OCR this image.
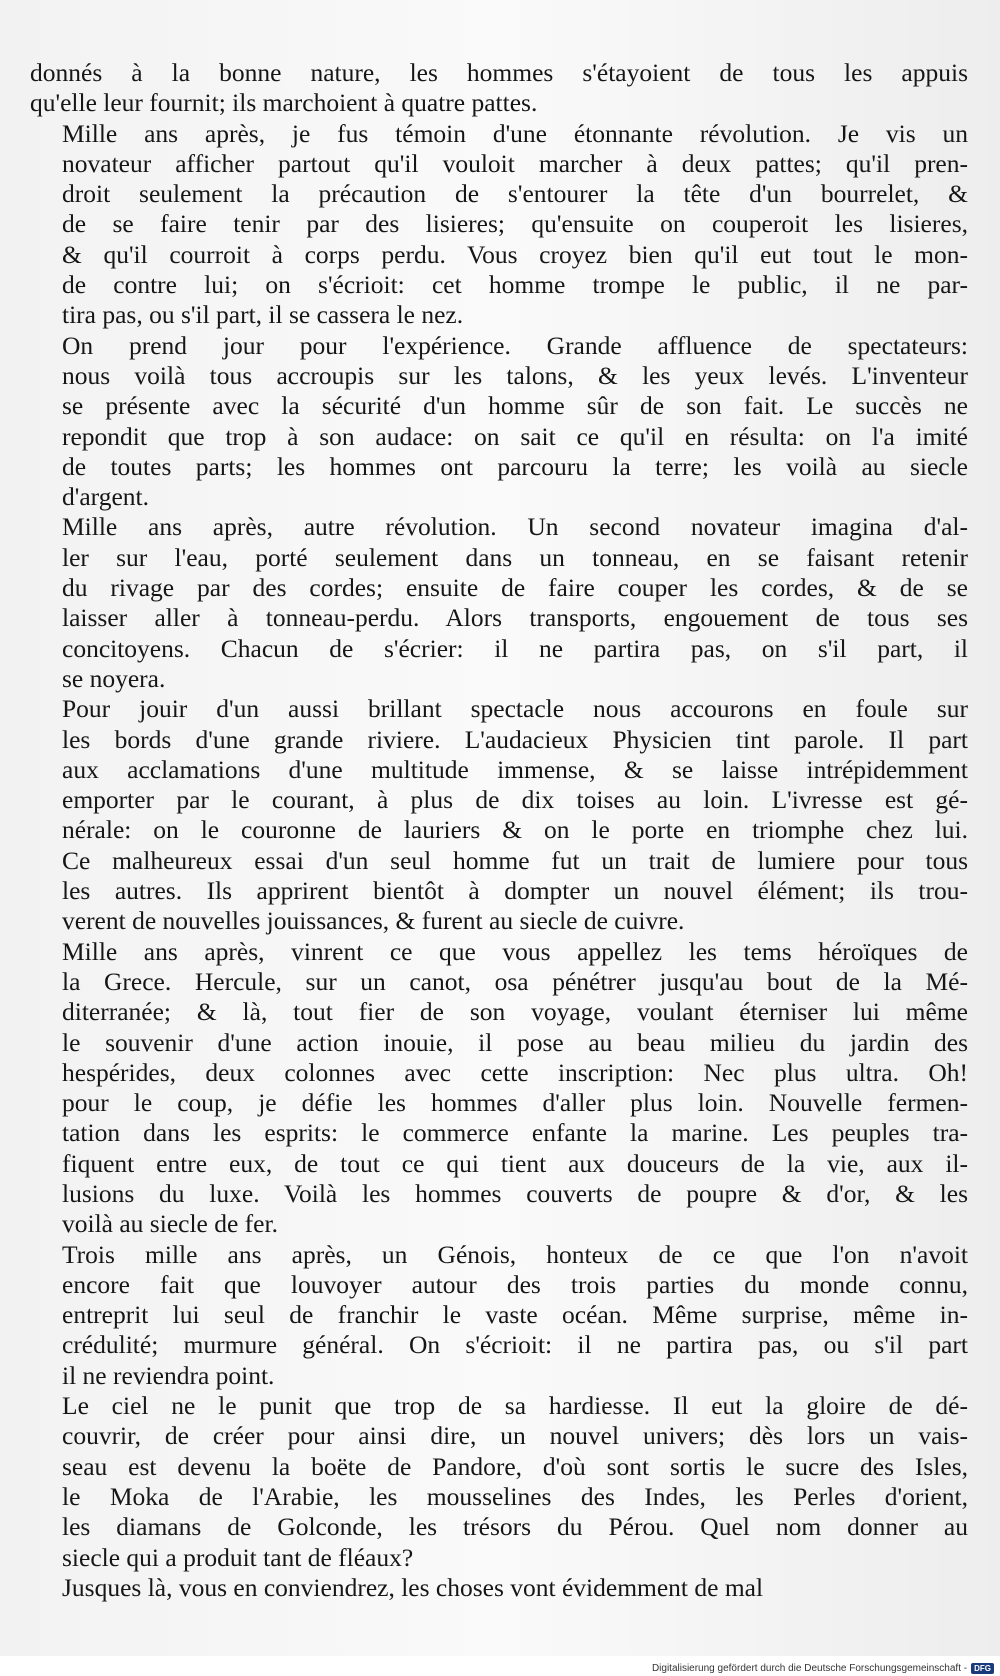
donnés à la bonne nature, les hommes s'étayoient de tous les appuis
qu'elle leur fournit; ils marchoient à quatre pattes.
Mille ans après, je fus témoin d'une étonnante révolution. Je vis un
novateur afficher partout qu'il vouloit marcher à deux pattes; qu'il pren-
droit seulement la précaution de s'entourer la tête d'un bourrelet, &
de se faire tenir par des lisieres; qu'ensuite on couperoit les lisieres,
& qu'il courroit à corps perdu. Vous croyez bien qu'il eut tout le mon-
de contre lui; on s'écrioit: cet homme trompe le public, il ne par-
tira pas, ou s'il part, il se cassera le nez.
On prend jour pour l'expérience. Grande affluence de spectateurs:
nous voilà tous accroupis sur les talons, & les yeux levés. L'inventeur
se présente avec la sécurité d'un homme sûr de son fait. Le succès ne
repondit que trop à son audace: on sait ce qu'il en résulta: on l'a imité
de toutes parts; les hommes ont parcouru la terre; les voilà au siecle
d'argent.
Mille ans après, autre révolution. Un second novateur imagina d'al-
ler sur l'eau, porté seulement dans un tonneau, en se faisant retenir
du rivage par des cordes; ensuite de faire couper les cordes, & de se
laisser aller à tonneau-perdu. Alors transports, engouement de tous ses
concitoyens. Chacun de s'écrier: il ne partira pas, on s'il part, il
se noyera.
Pour jouir d'un aussi brillant spectacle nous accourons en foule sur
les bords d'une grande riviere. L'audacieux Physicien tint parole. Il part
aux acclamations d'une multitude immense, & se laisse intrépidemment
emporter par le courant, à plus de dix toises au loin. L'ivresse est gé-
nérale: on le couronne de lauriers & on le porte en triomphe chez lui.
Ce malheureux essai d'un seul homme fut un trait de lumiere pour tous
les autres. Ils apprirent bientôt à dompter un nouvel élément; ils trou-
verent de nouvelles jouissances, & furent au siecle de cuivre.
Mille ans après, vinrent ce que vous appellez les tems héroïques de
la Grece. Hercule, sur un canot, osa pénétrer jusqu'au bout de la Mé-
diterranée; & là, tout fier de son voyage, voulant éterniser lui même
le souvenir d'une action inouie, il pose au beau milieu du jardin des
hespérides, deux colonnes avec cette inscription: Nec plus ultra. Oh!
pour le coup, je défie les hommes d'aller plus loin. Nouvelle fermen-
tation dans les esprits: le commerce enfante la marine. Les peuples tra-
fiquent entre eux, de tout ce qui tient aux douceurs de la vie, aux il-
lusions du luxe. Voilà les hommes couverts de poupre & d'or, & les
voilà au siecle de fer.
Trois mille ans après, un Génois, honteux de ce que l'on n'avoit
encore fait que louvoyer autour des trois parties du monde connu,
entreprit lui seul de franchir le vaste océan. Même surprise, même in-
crédulité; murmure général. On s'écrioit: il ne partira pas, ou s'il part
il ne reviendra point.
Le ciel ne le punit que trop de sa hardiesse. Il eut la gloire de dé-
couvrir, de créer pour ainsi dire, un nouvel univers; dès lors un vais-
seau est devenu la boëte de Pandore, d'où sont sortis le sucre des Isles,
le Moka de l'Arabie, les mousselines des Indes, les Perles d'orient,
les diamans de Golconde, les trésors du Pérou. Quel nom donner au
siecle qui a produit tant de fléaux?
Jusques là, vous en conviendrez, les choses vont évidemment de mal
Digitalisierung gefördert durch die Deutsche Forschungsgemeinschaft - DFG
